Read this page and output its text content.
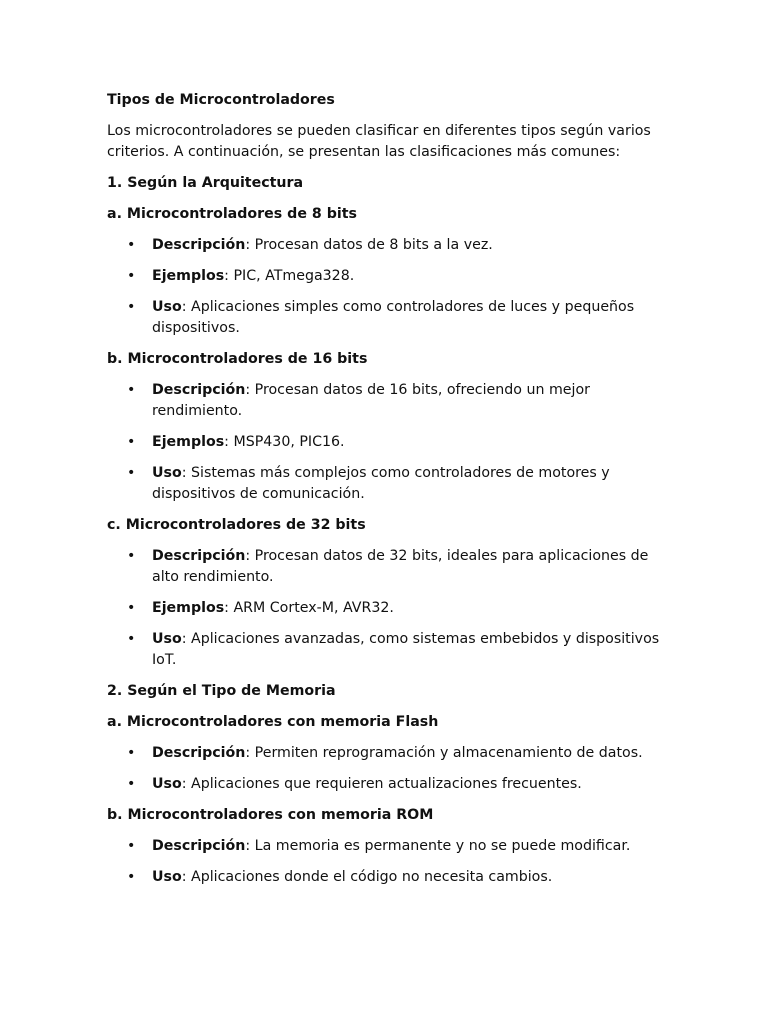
Tipos de Microcontroladores
Los microcontroladores se pueden clasificar en diferentes tipos según varios criterios. A continuación, se presentan las clasificaciones más comunes:
1. Según la Arquitectura
a. Microcontroladores de 8 bits
• Descripción: Procesan datos de 8 bits a la vez.
• Ejemplos: PIC, ATmega328.
• Uso: Aplicaciones simples como controladores de luces y pequeños dispositivos.
b. Microcontroladores de 16 bits
• Descripción: Procesan datos de 16 bits, ofreciendo un mejor rendimiento.
• Ejemplos: MSP430, PIC16.
• Uso: Sistemas más complejos como controladores de motores y dispositivos de comunicación.
c. Microcontroladores de 32 bits
• Descripción: Procesan datos de 32 bits, ideales para aplicaciones de alto rendimiento.
• Ejemplos: ARM Cortex-M, AVR32.
• Uso: Aplicaciones avanzadas, como sistemas embebidos y dispositivos IoT.
2. Según el Tipo de Memoria
a. Microcontroladores con memoria Flash
• Descripción: Permiten reprogramación y almacenamiento de datos.
• Uso: Aplicaciones que requieren actualizaciones frecuentes.
b. Microcontroladores con memoria ROM
• Descripción: La memoria es permanente y no se puede modificar.
• Uso: Aplicaciones donde el código no necesita cambios.
